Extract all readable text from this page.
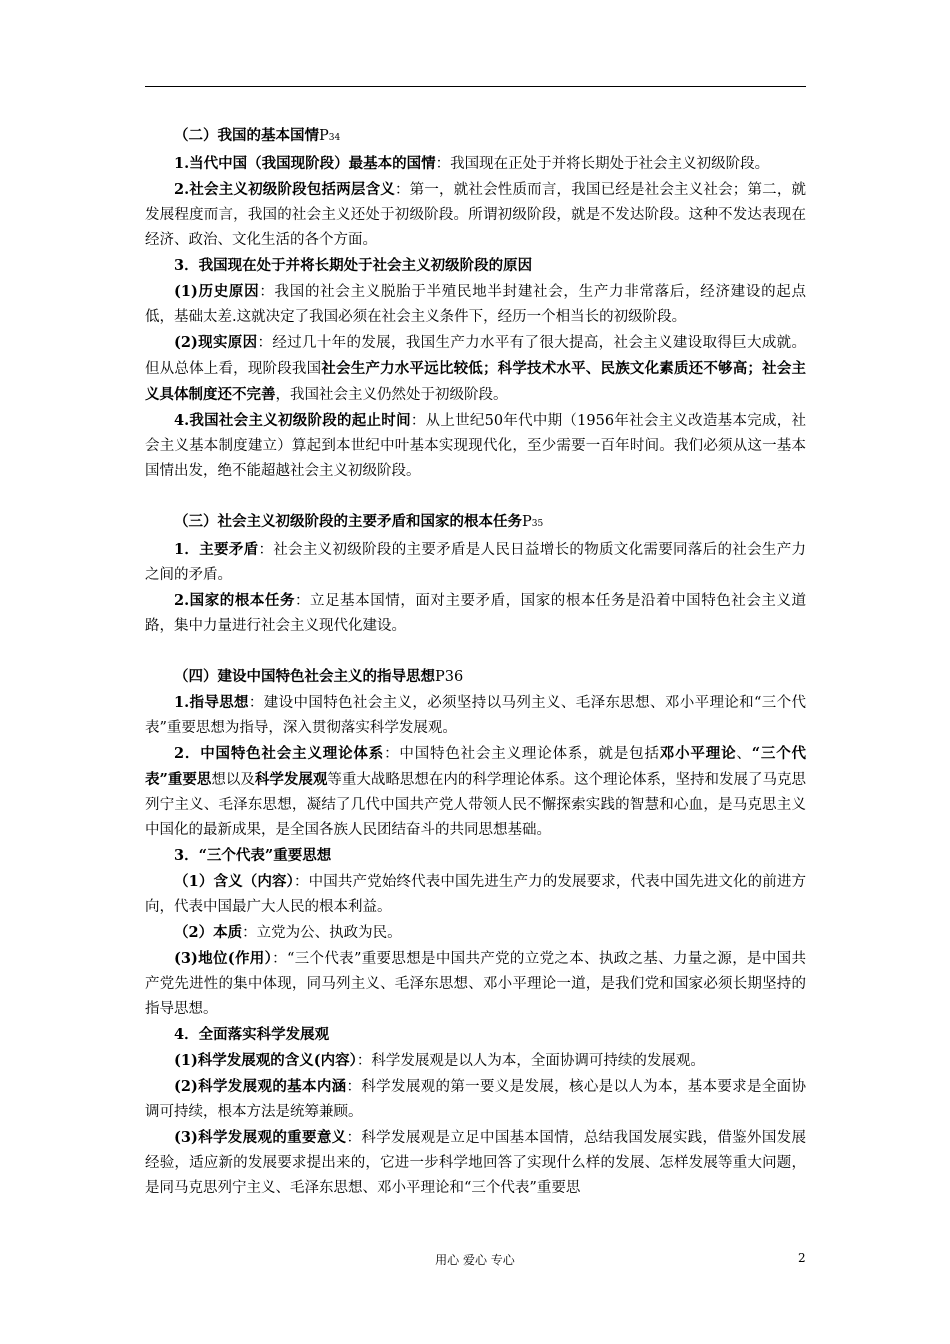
（二）我国的基本国情P34

1.当代中国（我国现阶段）最基本的国情：我国现在正处于并将长期处于社会主义初级阶段。

2.社会主义初级阶段包括两层含义：第一，就社会性质而言，我国已经是社会主义社会；第二，就发展程度而言，我国的社会主义还处于初级阶段。所谓初级阶段，就是不发达阶段。这种不发达表现在经济、政治、文化生活的各个方面。

3．我国现在处于并将长期处于社会主义初级阶段的原因

(1)历史原因：我国的社会主义脱胎于半殖民地半封建社会，生产力非常落后，经济建设的起点低，基础太差.这就决定了我国必须在社会主义条件下，经历一个相当长的初级阶段。

(2)现实原因：经过几十年的发展，我国生产力水平有了很大提高，社会主义建设取得巨大成就。但从总体上看，现阶段我国社会生产力水平远比较低；科学技术水平、民族文化素质还不够高；社会主义具体制度还不完善，我国社会主义仍然处于初级阶段。

4.我国社会主义初级阶段的起止时间：从上世纪50年代中期（1956年社会主义改造基本完成，社会主义基本制度建立）算起到本世纪中叶基本实现现代化，至少需要一百年时间。我们必须从这一基本国情出发，绝不能超越社会主义初级阶段。

（三）社会主义初级阶段的主要矛盾和国家的根本任务P35

1．主要矛盾：社会主义初级阶段的主要矛盾是人民日益增长的物质文化需要同落后的社会生产力之间的矛盾。

2.国家的根本任务：立足基本国情，面对主要矛盾，国家的根本任务是沿着中国特色社会主义道路，集中力量进行社会主义现代化建设。

（四）建设中国特色社会主义的指导思想P36

1.指导思想：建设中国特色社会主义，必须坚持以马列主义、毛泽东思想、邓小平理论和“三个代表”重要思想为指导，深入贯彻落实科学发展观。

2．中国特色社会主义理论体系：中国特色社会主义理论体系，就是包括邓小平理论、“三个代表”重要思想以及科学发展观等重大战略思想在内的科学理论体系。这个理论体系，坚持和发展了马克思列宁主义、毛泽东思想，凝结了几代中国共产党人带领人民不懈探索实践的智慧和心血，是马克思主义中国化的最新成果，是全国各族人民团结奋斗的共同思想基础。

3．“三个代表”重要思想

（1）含义（内容）：中国共产党始终代表中国先进生产力的发展要求，代表中国先进文化的前进方向，代表中国最广大人民的根本利益。

（2）本质：立党为公、执政为民。

(3)地位(作用）：“三个代表”重要思想是中国共产党的立党之本、执政之基、力量之源，是中国共产党先进性的集中体现，同马列主义、毛泽东思想、邓小平理论一道，是我们党和国家必须长期坚持的指导思想。

4．全面落实科学发展观

(1)科学发展观的含义(内容）：科学发展观是以人为本，全面协调可持续的发展观。

(2)科学发展观的基本内涵：科学发展观的第一要义是发展，核心是以人为本，基本要求是全面协调可持续，根本方法是统筹兼顾。

(3)科学发展观的重要意义：科学发展观是立足中国基本国情，总结我国发展实践，借鉴外国发展经验，适应新的发展要求提出来的，它进一步科学地回答了实现什么样的发展、怎样发展等重大问题，是同马克思列宁主义、毛泽东思想、邓小平理论和“三个代表”重要思

用心 爱心 专心	2
